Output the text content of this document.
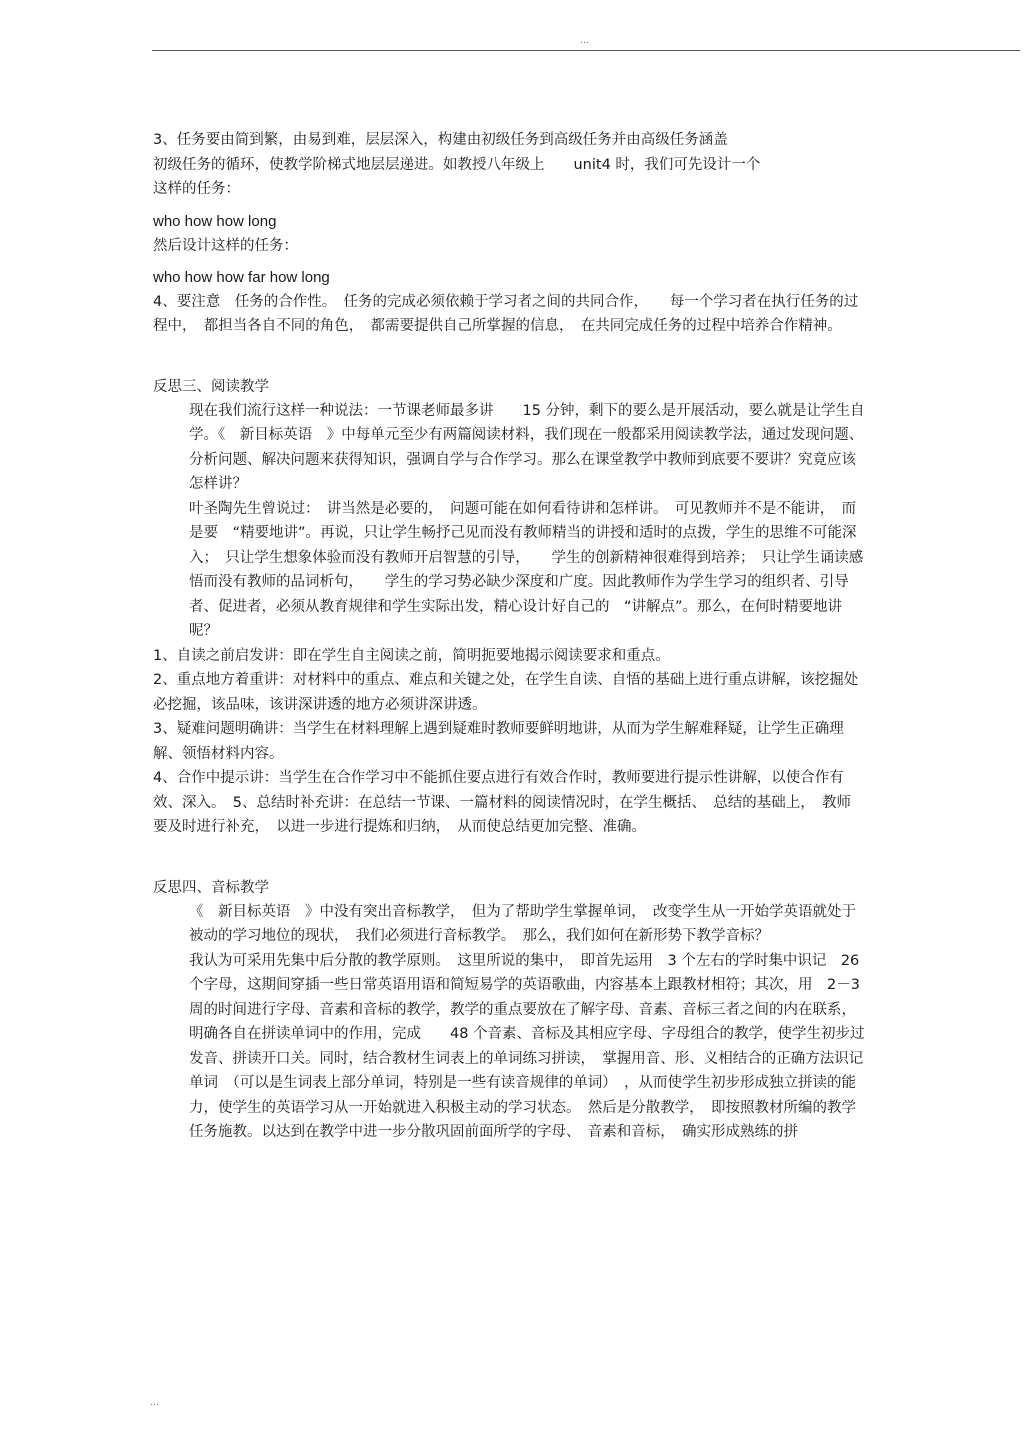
…
3、任务要由简到繁，由易到难，层层深入，构建由初级任务到高级任务并由高级任务涵盖
初级任务的循环，使教学阶梯式地层层递进。如教授八年级上　　unit4 时，我们可先设计一个
这样的任务：
who how how long
然后设计这样的任务：
who how how far how long
4、要注意　任务的合作性。　任务的完成必须依赖于学习者之间的共同合作，　　每一个学习者在执行任务的过程中，　都担当各自不同的角色，　都需要提供自己所掌握的信息，　在共同完成任务的过程中培养合作精神。
反思三、阅读教学
现在我们流行这样一种说法：一节课老师最多讲　　15 分钟，剩下的要么是开展活动，要么就是让学生自学。《　新目标英语　》中每单元至少有两篇阅读材料，我们现在一般都采用阅读教学法，通过发现问题、分析问题、解决问题来获得知识，强调自学与合作学习。那么在课堂教学中教师到底要不要讲？究竟应该怎样讲？
叶圣陶先生曾说过：　讲当然是必要的，　问题可能在如何看待讲和怎样讲。　可见教师并不是不能讲，　而是要　“精要地讲”。再说，只让学生畅抒己见而没有教师精当的讲授和适时的点拨，学生的思维不可能深入；　只让学生想象体验而没有教师开启智慧的引导，　　学生的创新精神很难得到培养；　只让学生诵读感悟而没有教师的品词析句，　　学生的学习势必缺少深度和广度。因此教师作为学生学习的组织者、引导者、促进者，必须从教育规律和学生实际出发，精心设计好自己的　“讲解点”。那么，在何时精要地讲呢？
1、自读之前启发讲：即在学生自主阅读之前，简明扼要地揭示阅读要求和重点。
2、重点地方着重讲：对材料中的重点、难点和关键之处，在学生自读、自悟的基础上进行重点讲解，该挖掘处必挖掘，该品味，该讲深讲透的地方必须讲深讲透。
3、疑难问题明确讲：当学生在材料理解上遇到疑难时教师要鲜明地讲，从而为学生解难释疑，让学生正确理解、领悟材料内容。
4、合作中提示讲：当学生在合作学习中不能抓住要点进行有效合作时，教师要进行提示性讲解，以使合作有效、深入。　5、总结时补充讲：在总结一节课、一篇材料的阅读情况时，在学生概括、　总结的基础上，　教师要及时进行补充，　以进一步进行提炼和归纳，　从而使总结更加完整、准确。
反思四、音标教学
《　新目标英语　》中没有突出音标教学，　但为了帮助学生掌握单词，　改变学生从一开始学英语就处于被动的学习地位的现状，　我们必须进行音标教学。　那么，我们如何在新形势下教学音标？
我认为可采用先集中后分散的教学原则。　这里所说的集中，　即首先运用　3 个左右的学时集中识记　26 个字母，这期间穿插一些日常英语用语和简短易学的英语歌曲，内容基本上跟教材相符；其次，用　2－3 周的时间进行字母、音素和音标的教学，教学的重点要放在了解字母、音素、音标三者之间的内在联系，明确各自在拼读单词中的作用，完成　　48 个音素、音标及其相应字母、字母组合的教学，使学生初步过发音、拼读开口关。同时，结合教材生词表上的单词练习拼读，　掌握用音、形、义相结合的正确方法识记单词　（可以是生词表上部分单词，特别是一些有读音规律的单词）　，从而使学生初步形成独立拼读的能力，使学生的英语学习从一开始就进入积极主动的学习状态。　然后是分散教学，　即按照教材所编的教学任务施教。以达到在教学中进一步分散巩固前面所学的字母、　音素和音标，　确实形成熟练的拼
…
